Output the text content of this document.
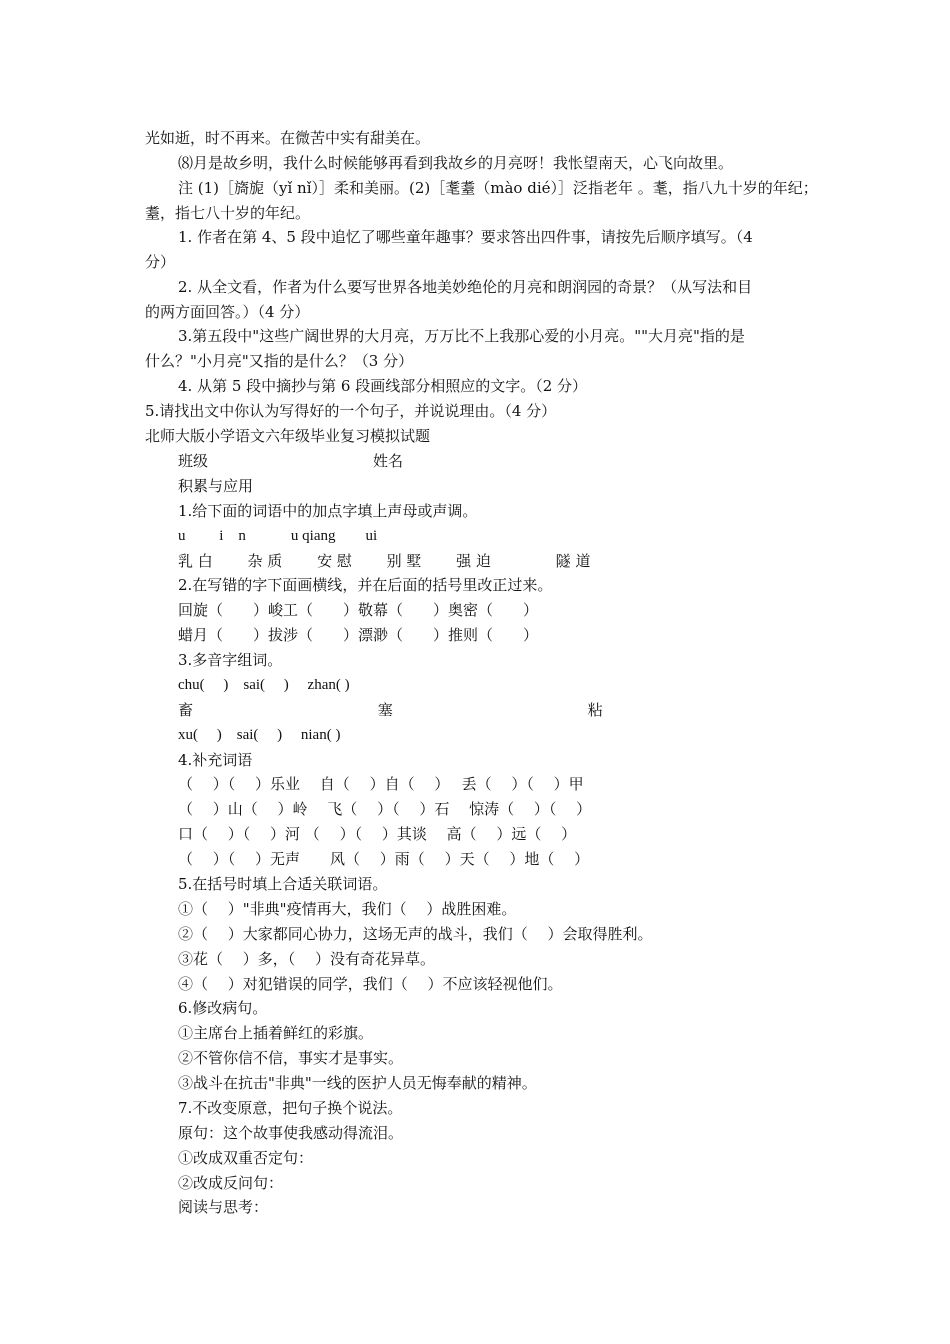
光如逝，时不再来。在微苦中实有甜美在。
⑻月是故乡明，我什么时候能够再看到我故乡的月亮呀！我怅望南天，心飞向故里。
注 (1)［旖旎（yǐ nǐ）］柔和美丽。(2)［耄耋（mào dié）］泛指老年 。耄，指八九十岁的年纪；
耋，指七八十岁的年纪。
1. 作者在第 4、5 段中追忆了哪些童年趣事？要求答出四件事，请按先后顺序填写。（4
分）
2. 从全文看，作者为什么要写世界各地美妙绝伦的月亮和朗润园的奇景？（从写法和目
的两方面回答。）（4 分）
3.第五段中"这些广阔世界的大月亮，万万比不上我那心爱的小月亮。""大月亮"指的是
什么？"小月亮"又指的是什么？（3 分）
4. 从第 5 段中摘抄与第 6 段画线部分相照应的文字。（2 分）
5.请找出文中你认为写得好的一个句子，并说说理由。（4 分）
北师大版小学语文六年级毕业复习模拟试题
班级　　　　　　　　　　　姓名
积累与应用
1.给下面的词语中的加点字填上声母或声调。
u　　 i　n　　　u qiang　　ui
乳 白　　 杂 质　　 安 慰　　 别 墅　　 强 迫　　　　 隧 道
2.在写错的字下面画横线，并在后面的括号里改正过来。
回旋（　　）峻工（　　）敬幕（　　）奥密（　　）
蜡月（　　）拔涉（　　）漂渺（　　）推则（　　）
3.多音字组词。
chu(　 )　sai(　 )　 zhan( )
畜　　　　　　　　　　　　 塞　　　　　　　　　　　　　粘
xu(　 )　sai(　 )　 nian( )
4.补充词语
（　 ）（　 ）乐业　 自（　 ）自（　 ）　 丢（　 ）（　 ）甲
（　 ）山（　 ）岭　 飞（　 ）（　 ）石　 惊涛（　 ）（　 ）
口（　 ）（　 ）河 （　 ）（　 ）其谈　 高（　 ）远（　 ）
（　 ）（　 ）无声　　风（　 ）雨（　 ）天（　 ）地（　 ）
5.在括号时填上合适关联词语。
①（　 ）"非典"疫情再大，我们（　 ）战胜困难。
②（　 ）大家都同心协力，这场无声的战斗，我们（　 ）会取得胜利。
③花（　 ）多，（　 ）没有奇花异草。
④（　 ）对犯错误的同学，我们（　 ）不应该轻视他们。
6.修改病句。
①主席台上插着鲜红的彩旗。
②不管你信不信，事实才是事实。
③战斗在抗击"非典"一线的医护人员无悔奉献的精神。
7.不改变原意，把句子换个说法。
原句：这个故事使我感动得流泪。
①改成双重否定句：
②改成反问句：
阅读与思考：
